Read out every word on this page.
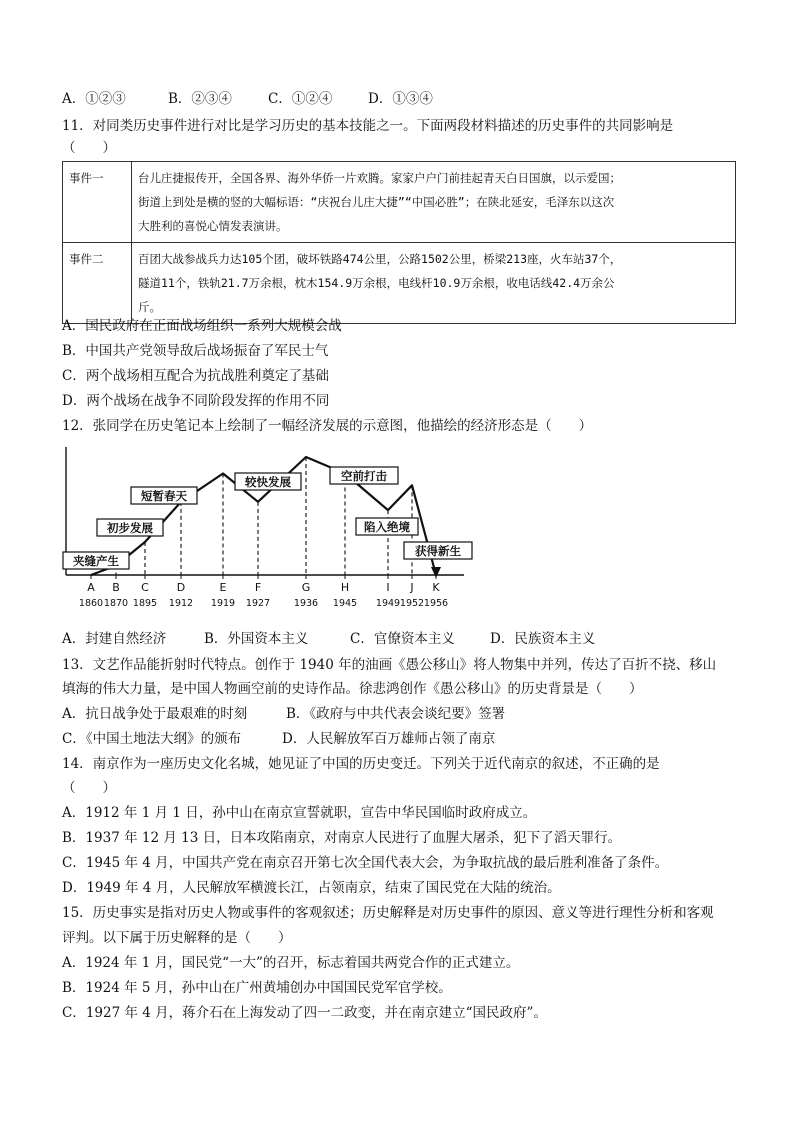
A．①②③	B．②③④	C．①②④	D．①③④
11．对同类历史事件进行对比是学习历史的基本技能之一。下面两段材料描述的历史事件的共同影响是
（　　）
事件一	台儿庄捷报传开，全国各界、海外华侨一片欢腾。家家户户门前挂起青天白日国旗，以示爱国；
街道上到处是横的竖的大幅标语：“庆祝台儿庄大捷”“中国必胜”；在陕北延安，毛泽东以这次
大胜利的喜悦心情发表演讲。

事件二	百团大战参战兵力达105个团，破坏铁路474公里，公路1502公里，桥梁213座，火车站37个，
隧道11个，铁轨21.7万余根，枕木154.9万余根，电线杆10.9万余根，收电话线42.4万余公
斤。
A．国民政府在正面战场组织一系列大规模会战
B．中国共产党领导敌后战场振奋了军民士气
C．两个战场相互配合为抗战胜利奠定了基础
D．两个战场在战争不同阶段发挥的作用不同
12．张同学在历史笔记本上绘制了一幅经济发展的示意图，他描绘的经济形态是（　　）
A
1860
B
1870
C
1895
D
1912
E
1919
F
1927
G
1936
H
1945
I
1949
J
1952
K
1956
夹缝产生
初步发展
短暂春天
较快发展	空前打击
陷入绝境
获得新生
A．封建自然经济	B．外国资本主义	C．官僚资本主义	D．民族资本主义
13．文艺作品能折射时代特点。创作于 1940 年的油画《愚公移山》将人物集中并列，传达了百折不挠、移山
填海的伟大力量，是中国人物画空前的史诗作品。徐悲鸿创作《愚公移山》的历史背景是（　　）
A．抗日战争处于最艰难的时刻	B．《政府与中共代表会谈纪要》签署
C．《中国土地法大纲》的颁布	D．人民解放军百万雄师占领了南京
14．南京作为一座历史文化名城，她见证了中国的历史变迁。下列关于近代南京的叙述，不正确的是
（　　）
A．1912 年 1 月 1 日，孙中山在南京宣誓就职，宣告中华民国临时政府成立。
B．1937 年 12 月 13 日，日本攻陷南京，对南京人民进行了血腥大屠杀，犯下了滔天罪行。
C．1945 年 4 月，中国共产党在南京召开第七次全国代表大会，为争取抗战的最后胜利准备了条件。
D．1949 年 4 月，人民解放军横渡长江，占领南京，结束了国民党在大陆的统治。
15．历史事实是指对历史人物或事件的客观叙述；历史解释是对历史事件的原因、意义等进行理性分析和客观
评判。以下属于历史解释的是（　　）
A．1924 年 1 月，国民党“一大”的召开，标志着国共两党合作的正式建立。
B．1924 年 5 月，孙中山在广州黄埔创办中国国民党军官学校。
C．1927 年 4 月，蒋介石在上海发动了四一二政变，并在南京建立“国民政府”。
